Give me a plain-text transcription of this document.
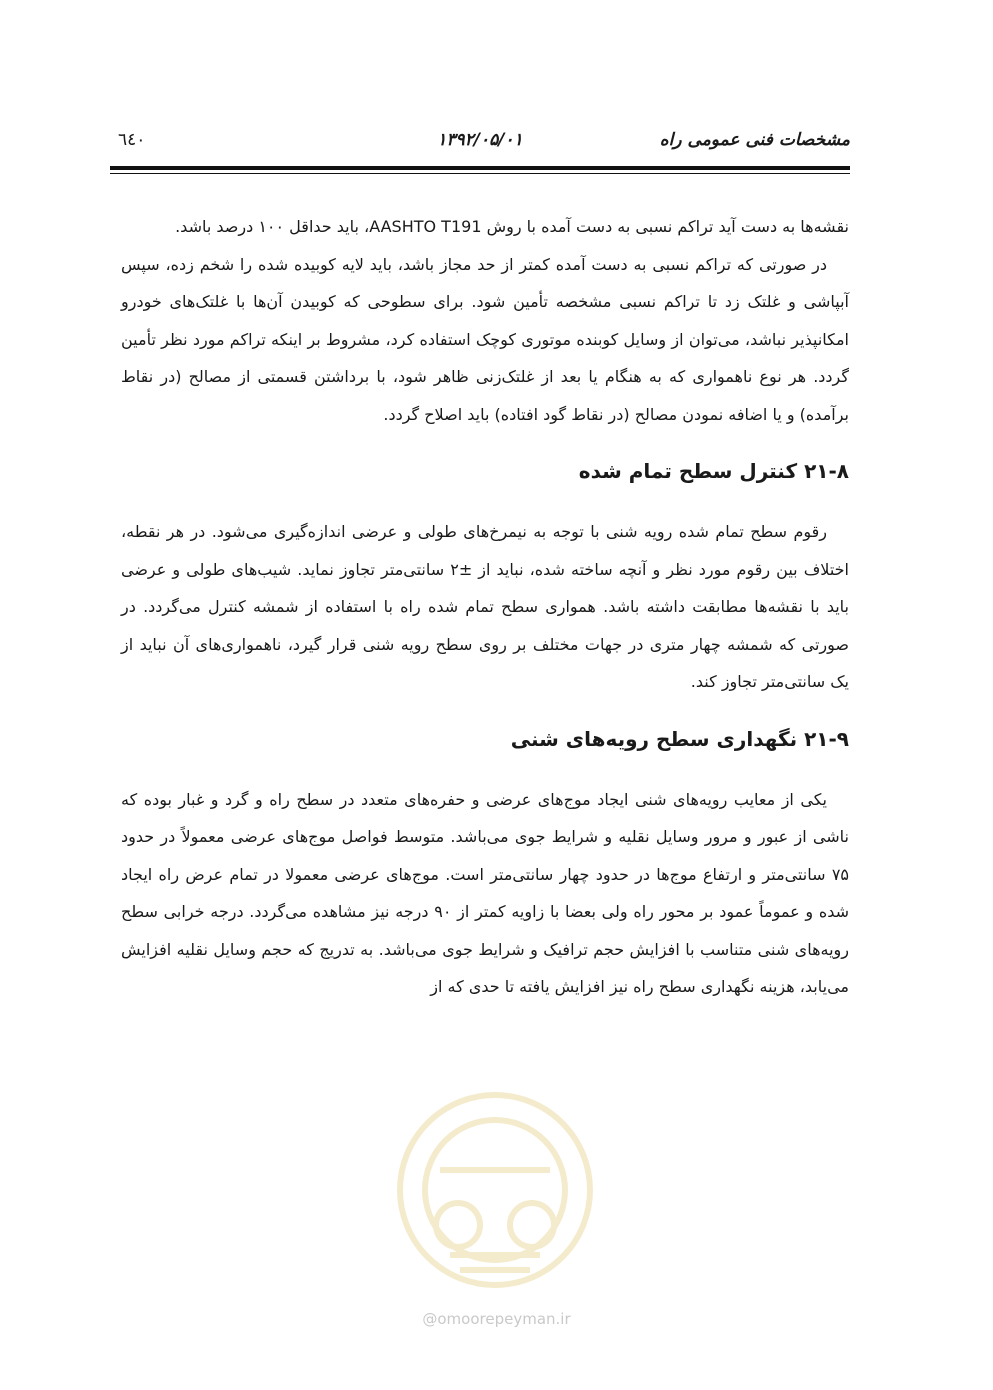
مشخصات فنی عمومی راه
۱۳۹۲/۰۵/۰۱
٦٤٠

نقشه‌ها به دست آید تراکم نسبی به دست آمده با روش AASHTO T191، باید حداقل ۱۰۰ درصد باشد.

در صورتی که تراکم نسبی به دست آمده کمتر از حد مجاز باشد، باید لایه کوبیده شده را شخم زده، سپس آبپاشی و غلتک زد تا تراکم نسبی مشخصه تأمین شود. برای سطوحی که کوبیدن آن‌ها با غلتک‌های خودرو امکانپذیر نباشد، می‌توان از وسایل کوبنده موتوری کوچک استفاده کرد، مشروط بر اینکه تراکم مورد نظر تأمین گردد. هر نوع ناهمواری که به هنگام یا بعد از غلتک‌زنی ظاهر شود، با برداشتن قسمتی از مصالح (در نقاط برآمده) و یا اضافه نمودن مصالح (در نقاط گود افتاده) باید اصلاح گردد.

۲۱-۸ کنترل سطح تمام شده

رقوم سطح تمام شده رویه شنی با توجه به نیمرخ‌های طولی و عرضی اندازه‌گیری می‌شود. در هر نقطه، اختلاف بین رقوم مورد نظر و آنچه ساخته شده، نباید از ±۲ سانتی‌متر تجاوز نماید. شیب‌های طولی و عرضی باید با نقشه‌ها مطابقت داشته باشد. همواری سطح تمام شده راه با استفاده از شمشه کنترل می‌گردد. در صورتی که شمشه چهار متری در جهات مختلف بر روی سطح رویه شنی قرار گیرد، ناهمواری‌های آن نباید از یک سانتی‌متر تجاوز کند.

۲۱-۹ نگهداری سطح رویه‌های شنی

یکی از معایب رویه‌های شنی ایجاد موج‌های عرضی و حفره‌های متعدد در سطح راه و گرد و غبار بوده که ناشی از عبور و مرور وسایل نقلیه و شرایط جوی می‌باشد. متوسط فواصل موج‌های عرضی معمولاً در حدود ۷۵ سانتی‌متر و ارتفاع موج‌ها در حدود چهار سانتی‌متر است. موج‌های عرضی معمولا در تمام عرض راه ایجاد شده و عموماً عمود بر محور راه ولی بعضا با زاویه کمتر از ۹۰ درجه نیز مشاهده می‌گردد. درجه خرابی سطح رویه‌های شنی متناسب با افزایش حجم ترافیک و شرایط جوی می‌باشد. به تدریج که حجم وسایل نقلیه افزایش می‌یابد، هزینه نگهداری سطح راه نیز افزایش یافته تا حدی که از

@omoorepeyman.ir
